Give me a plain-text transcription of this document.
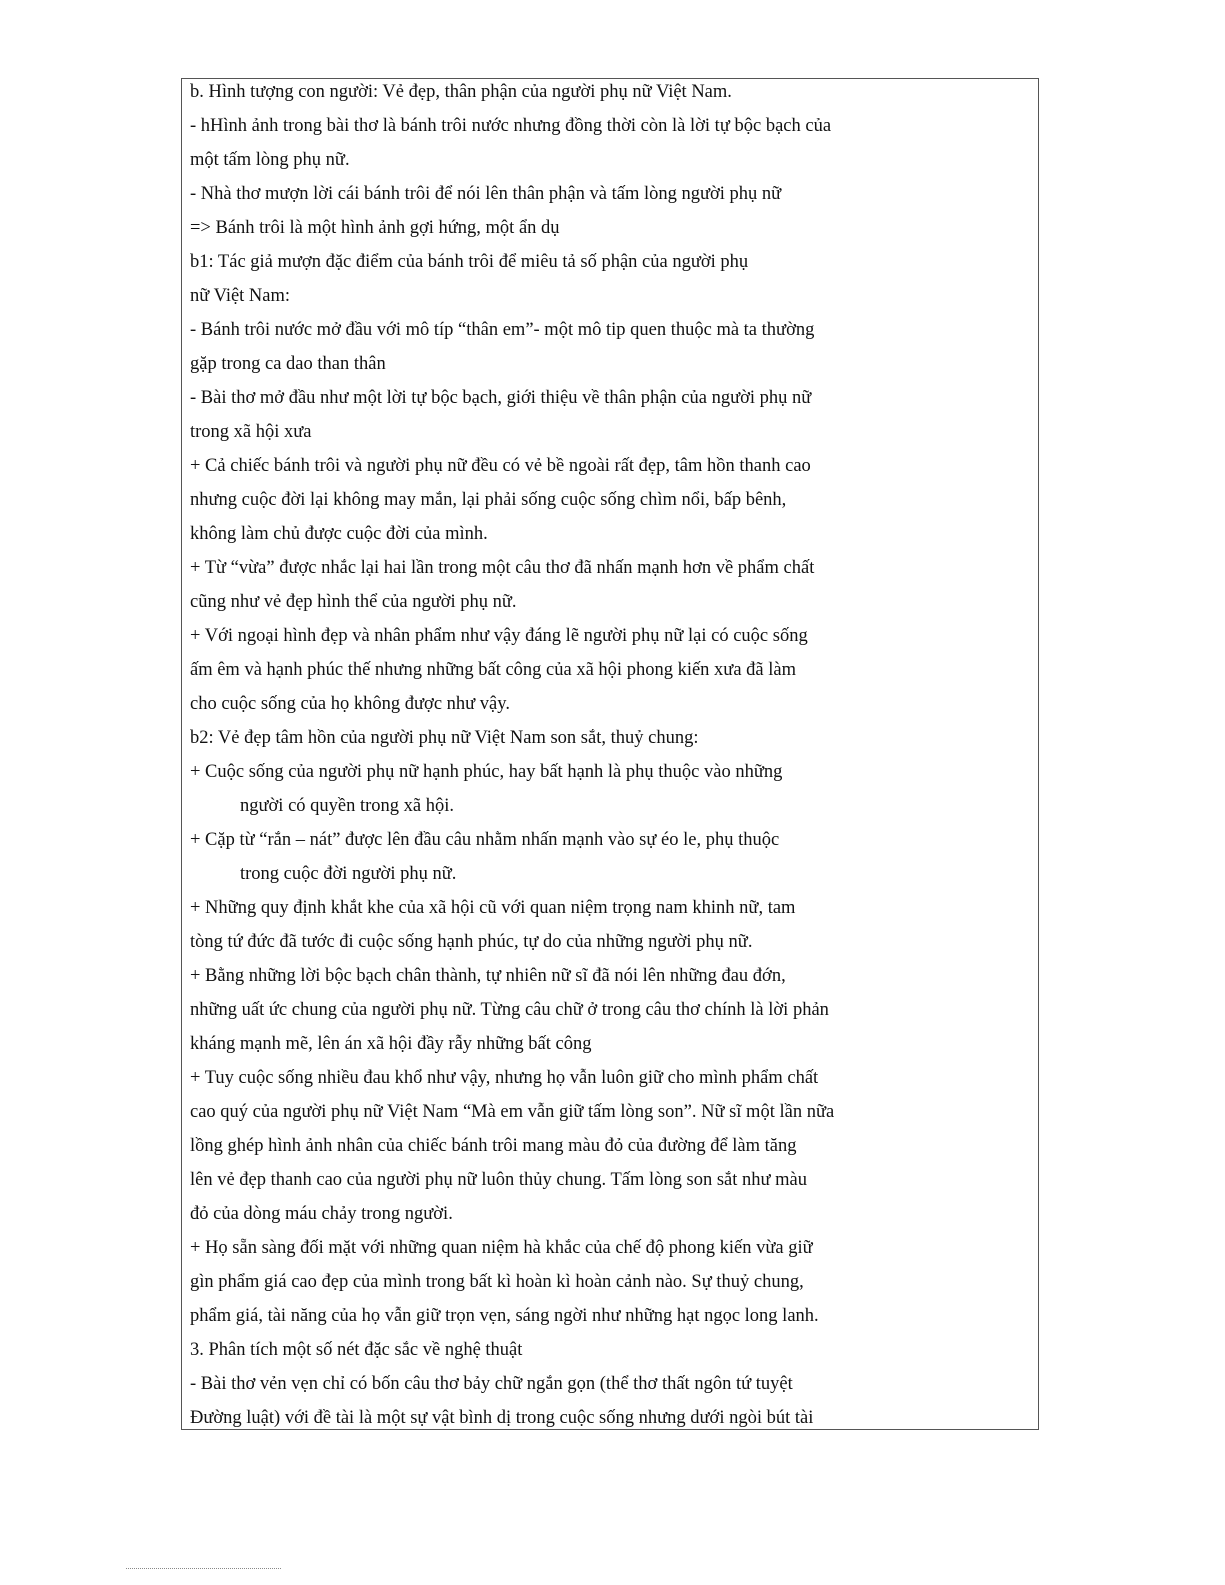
b. Hình tượng con người: Vẻ đẹp, thân phận của người phụ nữ Việt Nam.
- hHình ảnh trong bài thơ là bánh trôi nước nhưng đồng thời còn là lời tự bộc bạch của
một tấm lòng phụ nữ.
- Nhà thơ mượn lời cái bánh trôi để nói lên thân phận và tấm lòng người phụ nữ
=> Bánh trôi là một hình ảnh gợi hứng, một ẩn dụ
b1: Tác giả mượn đặc điểm của bánh trôi để miêu tả số phận của người phụ
nữ Việt Nam:
- Bánh trôi nước mở đầu với mô típ “thân em”- một mô tip quen thuộc mà ta thường
gặp trong ca dao than thân
- Bài thơ mở đầu như một lời tự bộc bạch, giới thiệu về thân phận của người phụ nữ
trong xã hội xưa
+ Cả chiếc bánh trôi và người phụ nữ đều có vẻ bề ngoài rất đẹp, tâm hồn thanh cao
nhưng cuộc đời lại không may mắn, lại phải sống cuộc sống chìm nổi, bấp bênh,
không làm chủ được cuộc đời của mình.
+ Từ “vừa” được nhắc lại hai lần trong một câu thơ đã nhấn mạnh hơn về phẩm chất
cũng như vẻ đẹp hình thể của người phụ nữ.
+ Với ngoại hình đẹp và nhân phẩm như vậy đáng lẽ người phụ nữ lại có cuộc sống
ấm êm và hạnh phúc thế nhưng những bất công của xã hội phong kiến xưa đã làm
cho cuộc sống của họ không được như vậy.
b2: Vẻ đẹp tâm hồn của người phụ nữ Việt Nam son sắt, thuỷ chung:
+ Cuộc sống của người phụ nữ hạnh phúc, hay bất hạnh là phụ thuộc vào những
người có quyền trong xã hội.
+ Cặp từ “rắn – nát” được lên đầu câu nhằm nhấn mạnh vào sự éo le, phụ thuộc
trong cuộc đời người phụ nữ.
+ Những quy định khắt khe của xã hội cũ với quan niệm trọng nam khinh nữ, tam
tòng tứ đức đã tước đi cuộc sống hạnh phúc, tự do của những người phụ nữ.
+ Bằng những lời bộc bạch chân thành, tự nhiên nữ sĩ đã nói lên những đau đớn,
những uất ức chung của người phụ nữ. Từng câu chữ ở trong câu thơ chính là lời phản
kháng mạnh mẽ, lên án xã hội đầy rẫy những bất công
+ Tuy cuộc sống nhiều đau khổ như vậy, nhưng họ vẫn luôn giữ cho mình phẩm chất
cao quý của người phụ nữ Việt Nam “Mà em vẫn giữ tấm lòng son”. Nữ sĩ một lần nữa
lồng ghép hình ảnh nhân của chiếc bánh trôi mang màu đỏ của đường để làm tăng
lên vẻ đẹp thanh cao của người phụ nữ luôn thủy chung. Tấm lòng son sắt như màu
đỏ của dòng máu chảy trong người.
+ Họ sẵn sàng đối mặt với những quan niệm hà khắc của chế độ phong kiến vừa giữ
gìn phẩm giá cao đẹp của mình trong bất kì hoàn kì hoàn cảnh nào. Sự thuỷ chung,
phẩm giá, tài năng của họ vẫn giữ trọn vẹn, sáng ngời như những hạt ngọc long lanh.
3. Phân tích một số nét đặc sắc về nghệ thuật
- Bài thơ vẻn vẹn chỉ có bốn câu thơ bảy chữ ngắn gọn (thể thơ thất ngôn tứ tuyệt
Đường luật) với đề tài là một sự vật bình dị trong cuộc sống nhưng dưới ngòi bút tài
